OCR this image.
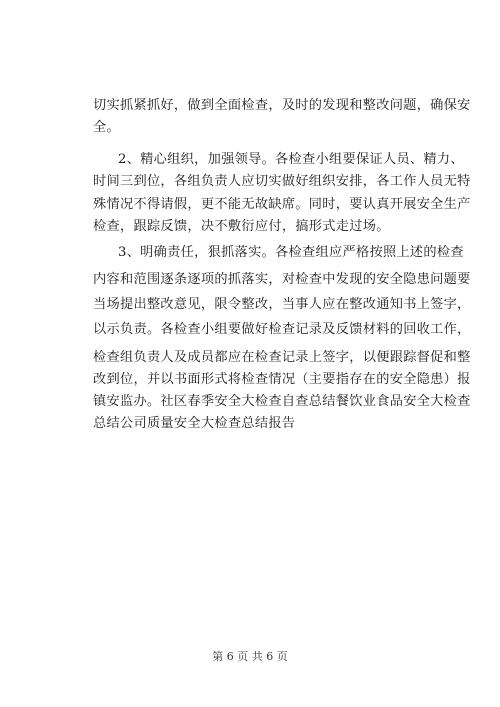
切实抓紧抓好，做到全面检查，及时的发现和整改问题，确保安
全。
2、精心组织，加强领导。各检查小组要保证人员、精力、
时间三到位，各组负责人应切实做好组织安排，各工作人员无特
殊情况不得请假，更不能无故缺席。同时，要认真开展安全生产
检查，跟踪反馈，决不敷衍应付，搞形式走过场。
3、明确责任，狠抓落实。各检查组应严格按照上述的检查
内容和范围逐条逐项的抓落实，对检查中发现的安全隐患问题要
当场提出整改意见，限令整改，当事人应在整改通知书上签字，
以示负责。各检查小组要做好检查记录及反馈材料的回收工作，
检查组负责人及成员都应在检查记录上签字，以便跟踪督促和整
改到位，并以书面形式将检查情况（主要指存在的安全隐患）报
镇安监办。社区春季安全大检查自查总结餐饮业食品安全大检查
总结公司质量安全大检查总结报告
第 6 页 共 6 页
